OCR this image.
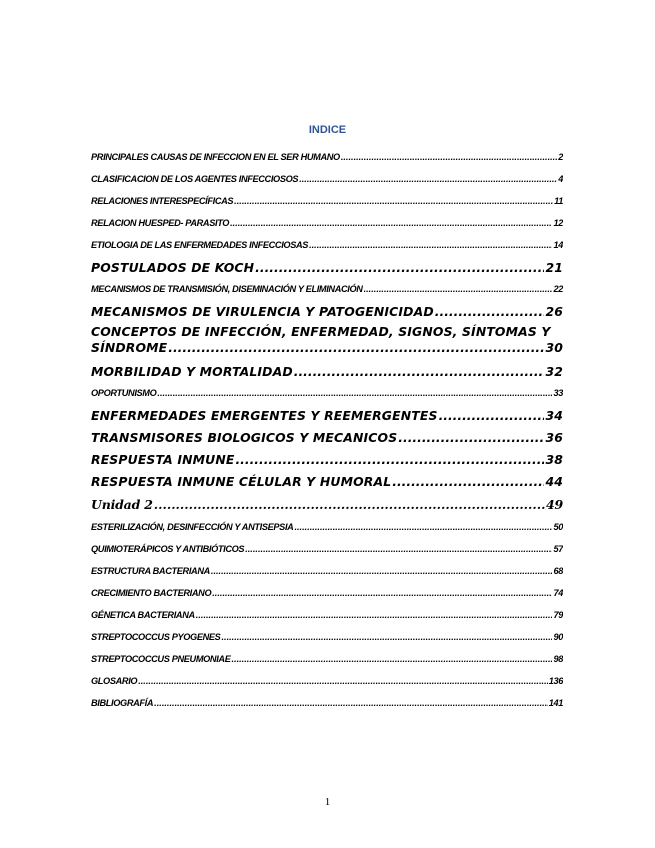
INDICE
PRINCIPALES CAUSAS DE INFECCION EN EL SER HUMANO .....	2
CLASIFICACION DE LOS AGENTES INFECCIOSOS .....	4
RELACIONES INTERESPECÍFICAS .....	11
RELACION HUESPED- PARASITO .....	12
ETIOLOGIA DE LAS ENFERMEDADES INFECCIOSAS .....	14
POSTULADOS DE KOCH .....	21
MECANISMOS DE TRANSMISIÓN, DISEMINACIÓN Y ELIMINACIÓN .....	22
MECANISMOS DE VIRULENCIA Y PATOGENICIDAD .....	26
CONCEPTOS DE INFECCIÓN, ENFERMEDAD, SIGNOS, SÍNTOMAS Y
SÍNDROME .....	30
MORBILIDAD Y MORTALIDAD .....	32
OPORTUNISMO .....	33
ENFERMEDADES EMERGENTES Y REEMERGENTES .....	34
TRANSMISORES BIOLOGICOS Y MECANICOS .....	36
RESPUESTA INMUNE .....	38
RESPUESTA INMUNE CÉLULAR Y HUMORAL .....	44
Unidad 2 .....	49
ESTERILIZACIÓN, DESINFECCIÓN Y ANTISEPSIA .....	50
QUIMIOTERÁPICOS Y ANTIBIÓTICOS .....	57
ESTRUCTURA BACTERIANA .....	68
CRECIMIENTO BACTERIANO .....	74
GÉNETICA BACTERIANA .....	79
STREPTOCOCCUS PYOGENES .....	90
STREPTOCOCCUS PNEUMONIAE .....	98
GLOSARIO .....	136
BIBLIOGRAFÍA .....	141
1
